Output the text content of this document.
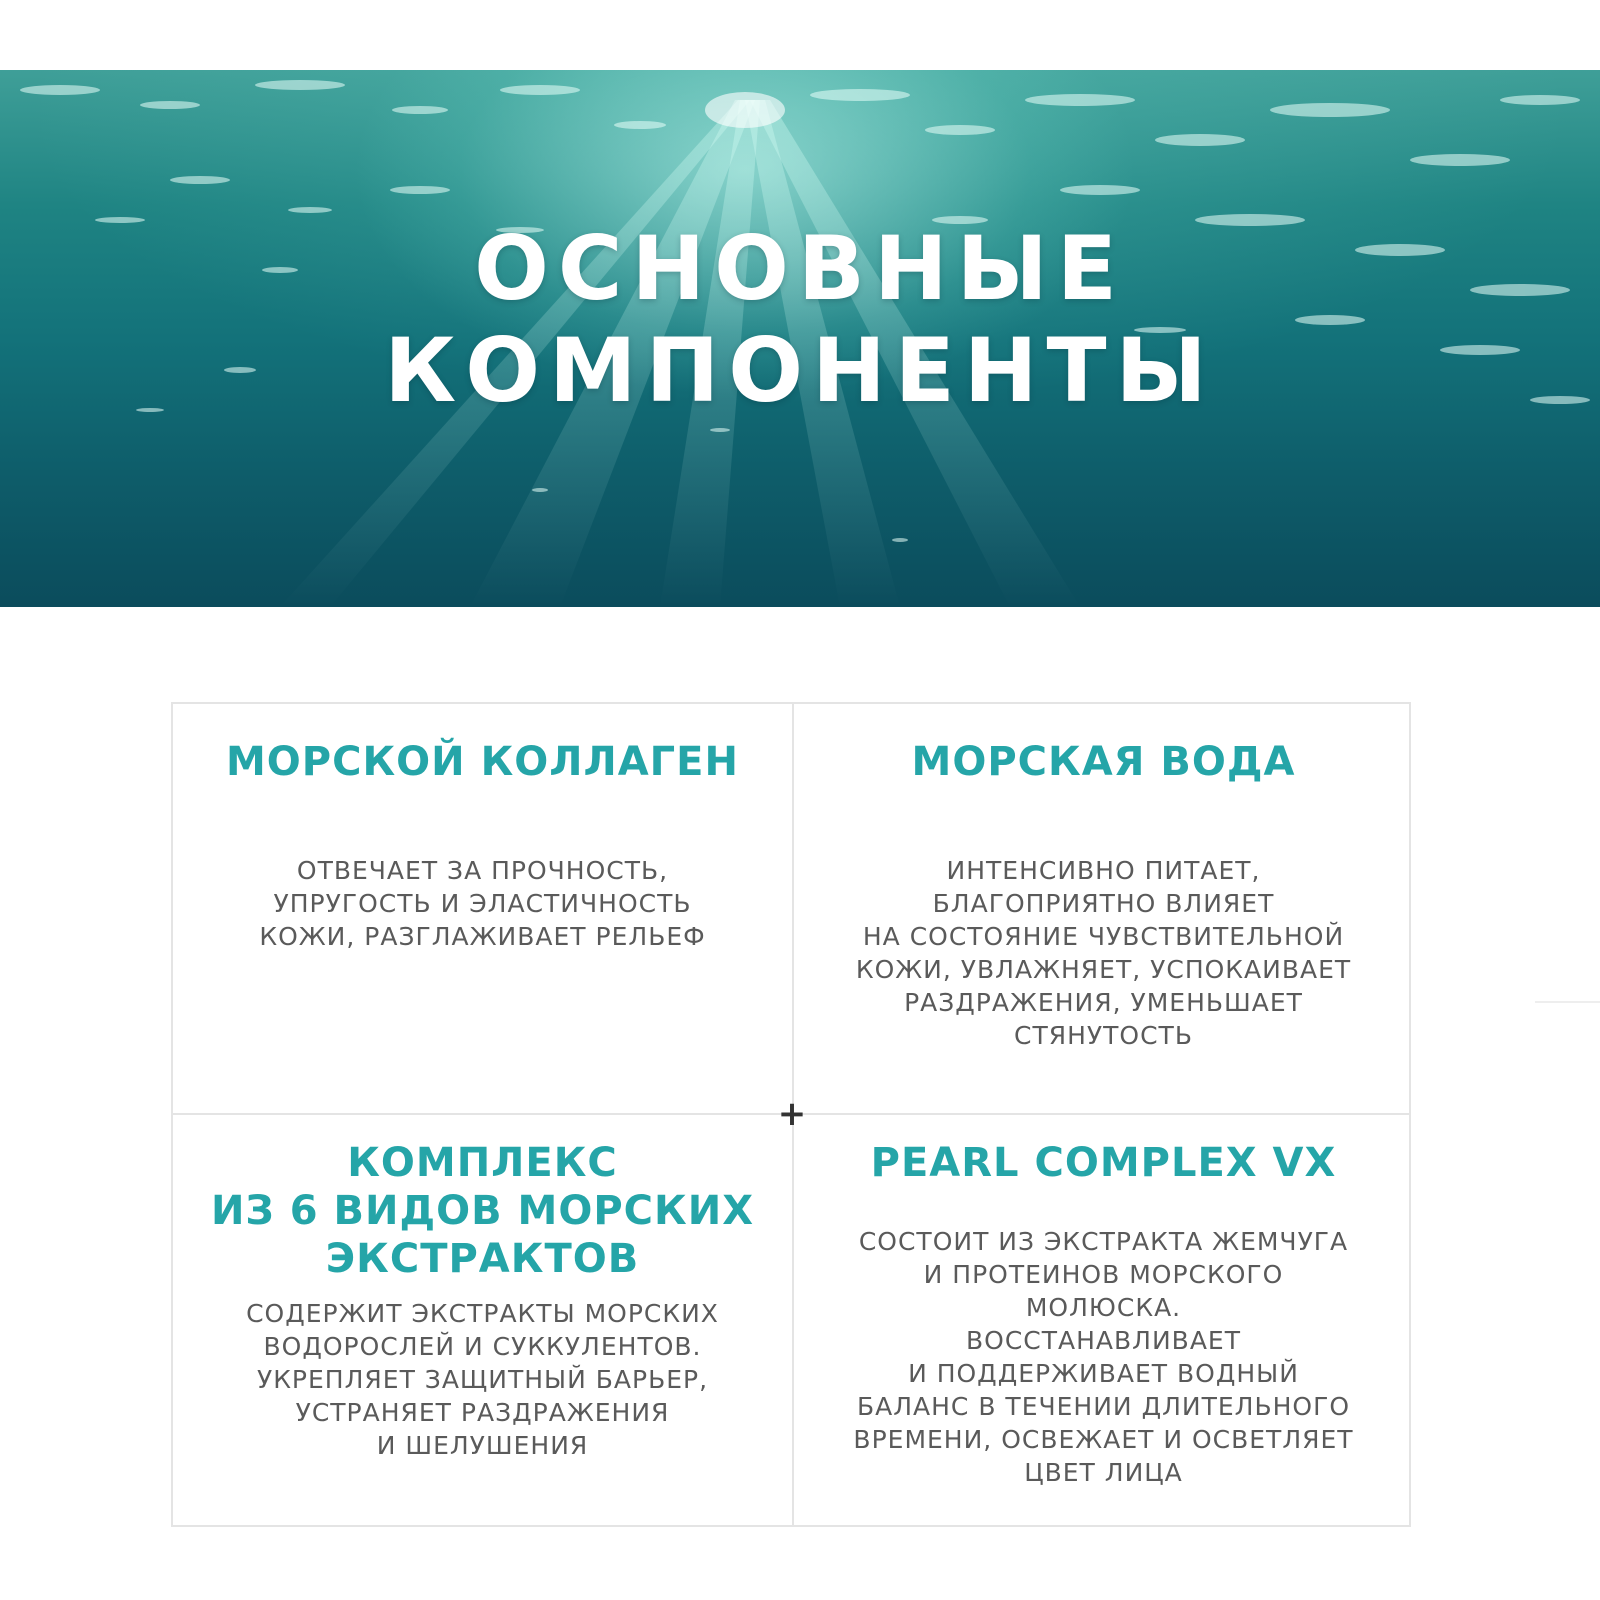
ОСНОВНЫЕ
КОМПОНЕНТЫ
+
МОРСКОЙ КОЛЛАГЕН
ОТВЕЧАЕТ ЗА ПРОЧНОСТЬ,
УПРУГОСТЬ И ЭЛАСТИЧНОСТЬ
КОЖИ, РАЗГЛАЖИВАЕТ РЕЛЬЕФ
МОРСКАЯ ВОДА
ИНТЕНСИВНО ПИТАЕТ,
БЛАГОПРИЯТНО ВЛИЯЕТ
НА СОСТОЯНИЕ ЧУВСТВИТЕЛЬНОЙ
КОЖИ, УВЛАЖНЯЕТ, УСПОКАИВАЕТ
РАЗДРАЖЕНИЯ, УМЕНЬШАЕТ
СТЯНУТОСТЬ
КОМПЛЕКС
ИЗ 6 ВИДОВ МОРСКИХ
ЭКСТРАКТОВ
СОДЕРЖИТ ЭКСТРАКТЫ МОРСКИХ
ВОДОРОСЛЕЙ И СУККУЛЕНТОВ.
УКРЕПЛЯЕТ ЗАЩИТНЫЙ БАРЬЕР,
УСТРАНЯЕТ РАЗДРАЖЕНИЯ
И ШЕЛУШЕНИЯ
PEARL COMPLEX VX
СОСТОИТ ИЗ ЭКСТРАКТА ЖЕМЧУГА
И ПРОТЕИНОВ МОРСКОГО
МОЛЮСКА.
ВОССТАНАВЛИВАЕТ
И ПОДДЕРЖИВАЕТ ВОДНЫЙ
БАЛАНС В ТЕЧЕНИИ ДЛИТЕЛЬНОГО
ВРЕМЕНИ, ОСВЕЖАЕТ И ОСВЕТЛЯЕТ
ЦВЕТ ЛИЦА
